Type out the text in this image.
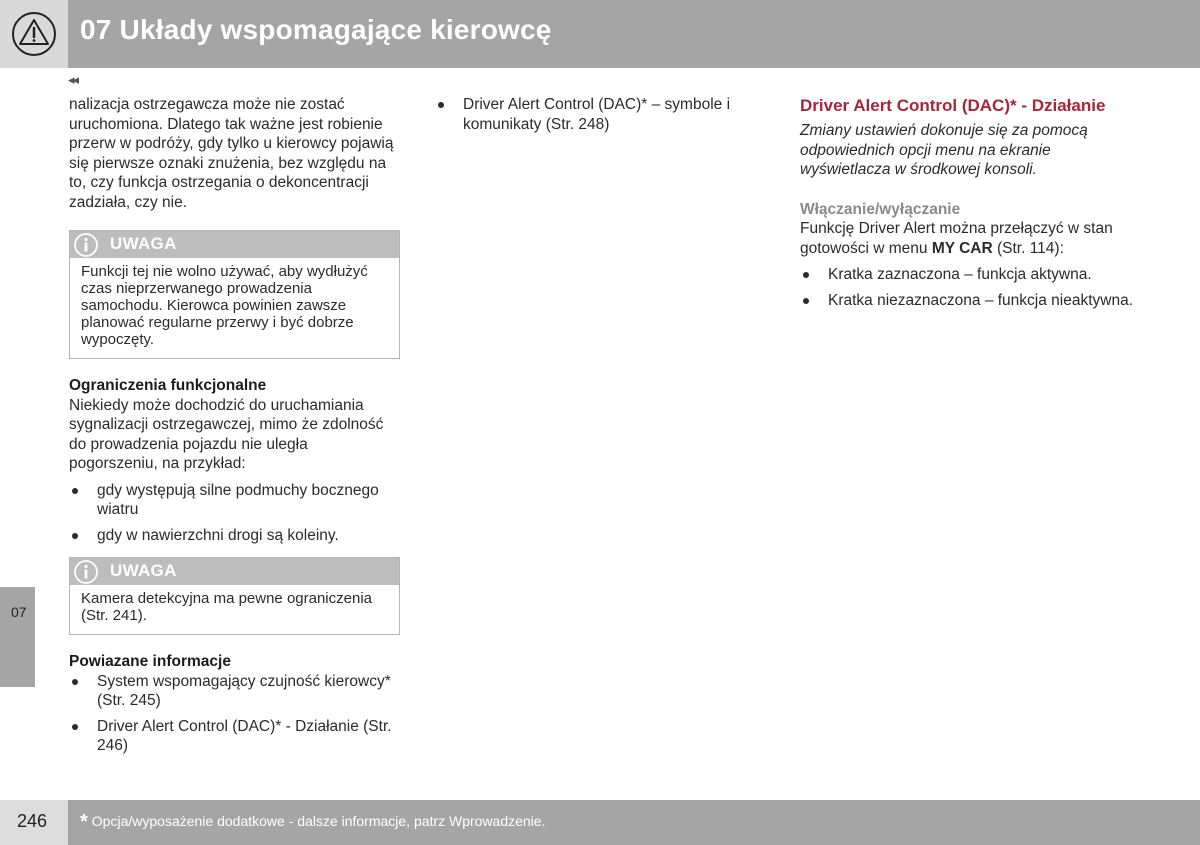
07 Układy wspomagające kierowcę
◂◂

nalizacja ostrzegawcza może nie zostać uruchomiona. Dlatego tak ważne jest robienie przerw w podróży, gdy tylko u kierowcy pojawią się pierwsze oznaki znużenia, bez względu na to, czy funkcja ostrzegania o dekoncentracji zadziała, czy nie.

UWAGA
Funkcji tej nie wolno używać, aby wydłużyć czas nieprzerwanego prowadzenia samochodu. Kierowca powinien zawsze planować regularne przerwy i być dobrze wypoczęty.
Ograniczenia funkcjonalne

Niekiedy może dochodzić do uruchamiania sygnalizacji ostrzegawczej, mimo że zdolność do prowadzenia pojazdu nie uległa pogorszeniu, na przykład:

gdy występują silne podmuchy bocznego wiatru
gdy w nawierzchni drogi są koleiny.
UWAGA
Kamera detekcyjna ma pewne ograniczenia (Str. 241).
Powiazane informacje
System wspomagający czujność kierowcy* (Str. 245)
Driver Alert Control (DAC)* - Działanie (Str. 246)
Driver Alert Control (DAC)* – symbole i komunikaty (Str. 248)

Driver Alert Control (DAC)* - Działanie

Zmiany ustawień dokonuje się za pomocą odpowiednich opcji menu na ekranie wyświetlacza w środkowej konsoli.

Włączanie/wyłączanie

Funkcję Driver Alert można przełączyć w stan gotowości w menu MY CAR (Str. 114):

Kratka zaznaczona – funkcja aktywna.
Kratka niezaznaczona – funkcja nieaktywna.
07
246 * Opcja/wyposażenie dodatkowe - dalsze informacje, patrz Wprowadzenie.
